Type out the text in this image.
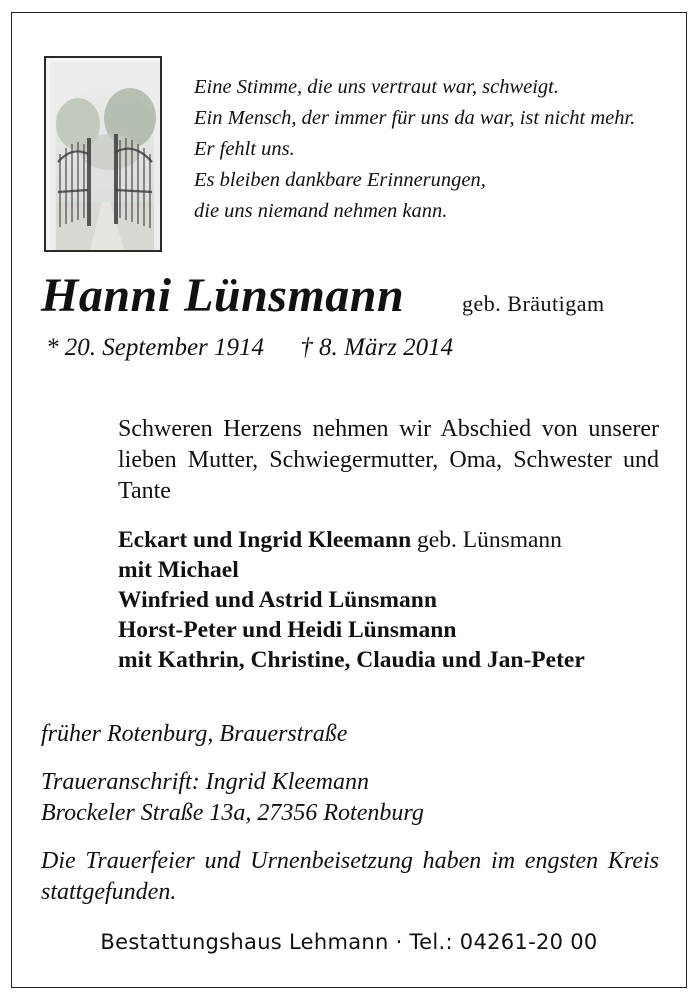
Eine Stimme, die uns vertraut war, schweigt.
Ein Mensch, der immer für uns da war, ist nicht mehr.
Er fehlt uns.
Es bleiben dankbare Erinnerungen,
die uns niemand nehmen kann.
Hanni Lünsmann	geb. Bräutigam
* 20. September 1914 † 8. März 2014
Schweren Herzens nehmen wir Abschied von unserer lieben Mutter, Schwiegermutter, Oma, Schwester und Tante
Eckart und Ingrid Kleemann geb. Lünsmann
mit Michael
Winfried und Astrid Lünsmann
Horst-Peter und Heidi Lünsmann
mit Kathrin, Christine, Claudia und Jan-Peter
früher Rotenburg, Brauerstraße
Traueranschrift: Ingrid Kleemann
Brockeler Straße 13a, 27356 Rotenburg
Die Trauerfeier und Urnenbeisetzung haben im engsten Kreis stattgefunden.
Bestattungshaus Lehmann · Tel.: 04261-20 00
